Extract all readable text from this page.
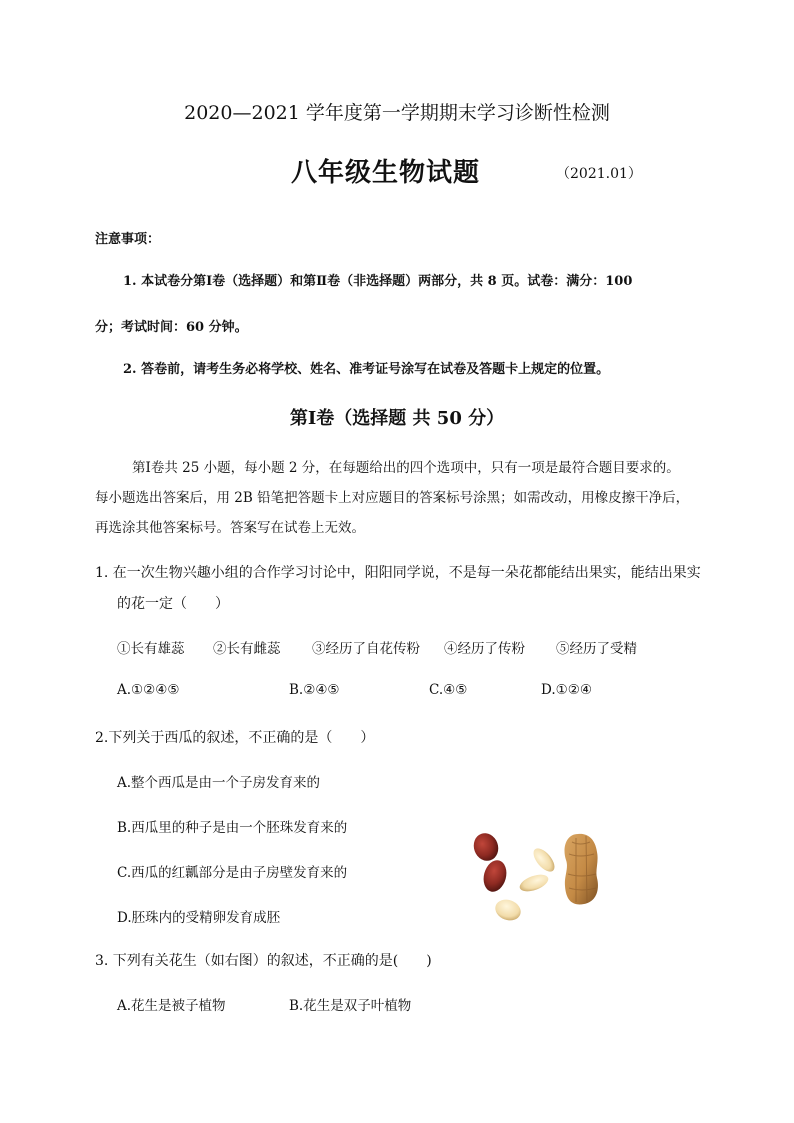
2020—2021 学年度第一学期期末学习诊断性检测
八年级生物试题	（2021.01）
注意事项：
1. 本试卷分第Ⅰ卷（选择题）和第Ⅱ卷（非选择题）两部分，共 8 页。试卷：满分：100
分；考试时间：60 分钟。
2. 答卷前，请考生务必将学校、姓名、准考证号涂写在试卷及答题卡上规定的位置。
第Ⅰ卷（选择题 共 50 分）
第Ⅰ卷共 25 小题，每小题 2 分，在每题给出的四个选项中，只有一项是最符合题目要求的。
每小题选出答案后，用 2B 铅笔把答题卡上对应题目的答案标号涂黑；如需改动，用橡皮擦干净后，
再选涂其他答案标号。答案写在试卷上无效。
1. 在一次生物兴趣小组的合作学习讨论中，阳阳同学说，不是每一朵花都能结出果实，能结出果实
的花一定（　　）
①长有雄蕊 ②长有雌蕊 ③经历了自花传粉 ④经历了传粉 ⑤经历了受精
A.①②④⑤	B.②④⑤	C.④⑤	D.①②④
2.下列关于西瓜的叙述，不正确的是（　　）
A.整个西瓜是由一个子房发育来的
B.西瓜里的种子是由一个胚珠发育来的
C.西瓜的红瓤部分是由子房壁发育来的
D.胚珠内的受精卵发育成胚
3. 下列有关花生（如右图）的叙述，不正确的是(　　)
A.花生是被子植物	B.花生是双子叶植物
